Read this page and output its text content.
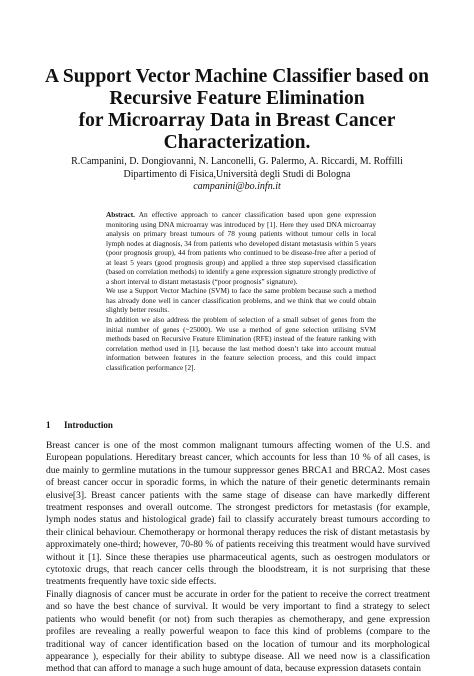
A Support Vector Machine Classifier based on
Recursive Feature Elimination
for Microarray Data in Breast Cancer
Characterization.
R.Campanini, D. Dongiovanni, N. Lanconelli, G. Palermo, A. Riccardi, M. Roffilli
Dipartimento di Fisica,Università degli Studi di Bologna
campanini@bo.infn.it

Abstract. An effective approach to cancer classification based upon gene expression monitoring using DNA microarray was introduced by [1]. Here they used DNA microarray analysis on primary breast tumours of 78 young patients without tumour cells in local lymph nodes at diagnosis, 34 from patients who developed distant metastasis within 5 years (poor prognosis group), 44 from patients who continued to be disease-free after a period of at least 5 years (good prognosis group) and applied a three step supervised classification (based on correlation methods) to identify a gene expression signature strongly predictive of a short interval to distant metastasis (“poor prognosis” signature).

We use a Support Vector Machine (SVM) to face the same problem because such a method has already done well in cancer classification problems, and we think that we could obtain slightly better results.

In addition we also address the problem of selection of a small subset of genes from the initial number of genes (~25000). We use a method of gene selection utilising SVM methods based on Recursive Feature Elimination (RFE) instead of the feature ranking with correlation method used in [1], because the last method doesn’t take into account mutual information between features in the feature selection process, and this could impact classification performance [2].

1 Introduction

Breast cancer is one of the most common malignant tumours affecting women of the U.S. and European populations. Hereditary breast cancer, which accounts for less than 10 % of all cases, is due mainly to germline mutations in the tumour suppressor genes BRCA1 and BRCA2. Most cases of breast cancer occur in sporadic forms, in which the nature of their genetic determinants remain elusive[3]. Breast cancer patients with the same stage of disease can have markedly different treatment responses and overall outcome. The strongest predictors for metastasis (for example, lymph nodes status and histological grade) fail to classify accurately breast tumours according to their clinical behaviour. Chemotherapy or hormonal therapy reduces the risk of distant metastasis by approximately one-third; however, 70-80 % of patients receiving this treatment would have survived without it [1]. Since these therapies use pharmaceutical agents, such as oestrogen modulators or cytotoxic drugs, that reach cancer cells through the bloodstream, it is not surprising that these treatments frequently have toxic side effects.

Finally diagnosis of cancer must be accurate in order for the patient to receive the correct treatment and so have the best chance of survival. It would be very important to find a strategy to select patients who would benefit (or not) from such therapies as chemotherapy, and gene expression profiles are revealing a really powerful weapon to face this kind of problems (compare to the traditional way of cancer identification based on the location of tumour and its morphological appearance ), especially for their ability to subtype disease. All we need now is a classification method that can afford to manage a such huge amount of data, because expression datasets contain
